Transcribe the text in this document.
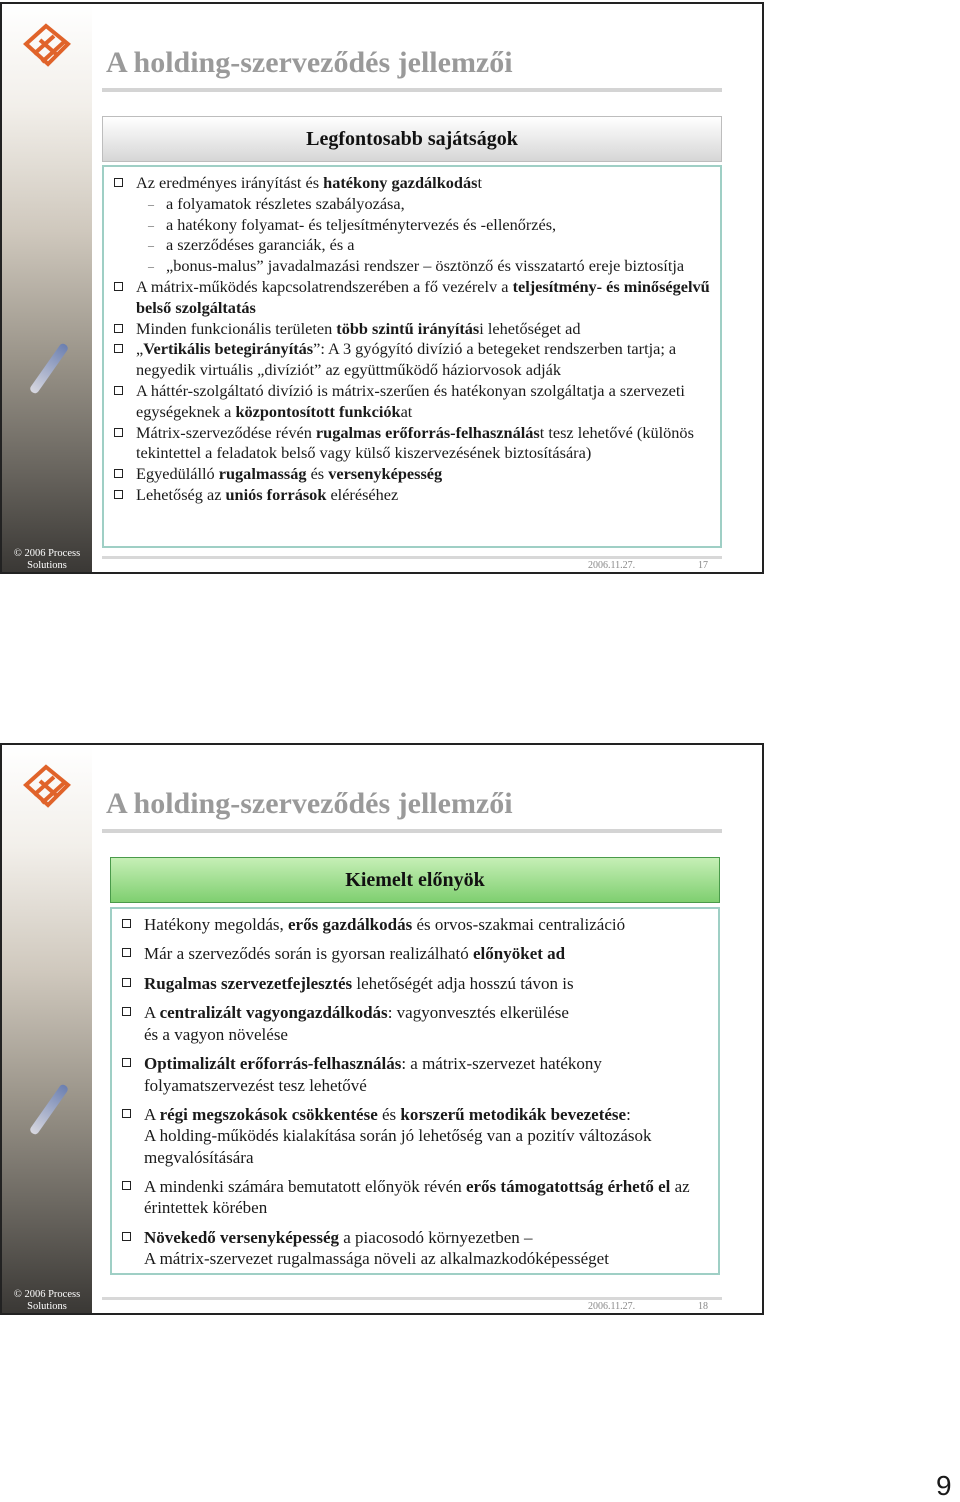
A holding-szerveződés jellemzői
Legfontosabb sajátságok
Az eredményes irányítást és hatékony gazdálkodást
– a folyamatok részletes szabályozása,
– a hatékony folyamat- és teljesítménytervezés és -ellenőrzés,
– a szerződéses garanciák, és a
– „bonus-malus” javadalmazási rendszer – ösztönző és visszatartó ereje biztosítja
A mátrix-működés kapcsolatrendszerében a fő vezérelv a teljesítmény- és minőségelvű belső szolgáltatás
Minden funkcionális területen több szintű irányítási lehetőséget ad
„Vertikális betegirányítás”: A 3 gyógyító divízió a betegeket rendszerben tartja; a negyedik virtuális „divíziót” az együttműködő háziorvosok adják
A háttér-szolgáltató divízió is mátrix-szerűen és hatékonyan szolgáltatja a szervezeti egységeknek a központosított funkciókat
Mátrix-szerveződése révén rugalmas erőforrás-felhasználást tesz lehetővé (különös tekintettel a feladatok belső vagy külső kiszervezésének biztosítására)
Egyedülálló rugalmasság és versenyképesség
Lehetőség az uniós források eléréséhez
© 2006 Process
Solutions	2006.11.27.	17
A holding-szerveződés jellemzői
© 2006 Process
Solutions	2006.11.27.	18
Kiemelt előnyök
Hatékony megoldás, erős gazdálkodás és orvos-szakmai centralizáció
Már a szerveződés során is gyorsan realizálható előnyöket ad
Rugalmas szervezetfejlesztés lehetőségét adja hosszú távon is
A centralizált vagyongazdálkodás: vagyonvesztés elkerülése
és a vagyon növelése
Optimalizált erőforrás-felhasználás: a mátrix-szervezet hatékony folyamatszervezést tesz lehetővé
A régi megszokások csökkentése és korszerű metodikák bevezetése:
A holding-működés kialakítása során jó lehetőség van a pozitív változások megvalósítására
A mindenki számára bemutatott előnyök révén erős támogatottság érhető el az érintettek körében
Növekedő versenyképesség a piacosodó környezetben –
A mátrix-szervezet rugalmassága növeli az alkalmazkodóképességet
9
